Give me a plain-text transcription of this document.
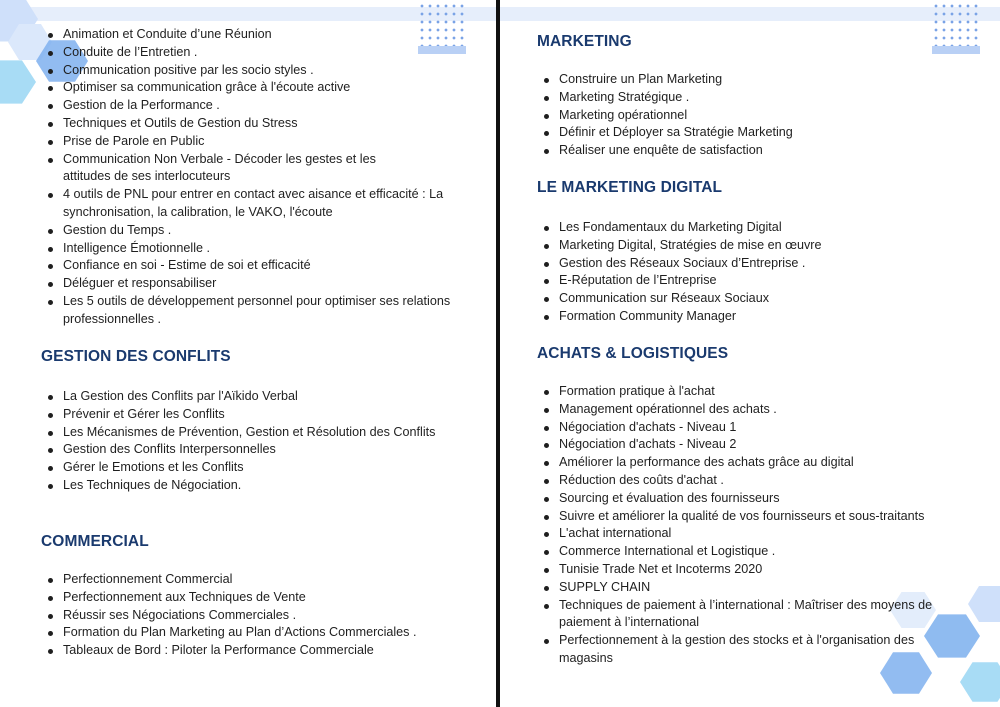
Animation et Conduite d’une Réunion
Conduite de l’Entretien .
Communication positive par les socio styles .
Optimiser sa communication grâce à l'écoute active
Gestion de la Performance .
Techniques et Outils de Gestion du Stress
Prise de Parole en Public
Communication Non Verbale - Décoder les gestes et les attitudes de ses interlocuteurs
4 outils de PNL pour entrer en contact avec aisance et efficacité : La synchronisation, la calibration, le VAKO, l'écoute
Gestion du Temps .
Intelligence Émotionnelle .
Confiance en soi - Estime de soi et efficacité
Déléguer et responsabiliser
Les 5 outils de développement personnel pour optimiser ses relations professionnelles .
GESTION DES CONFLITS
La Gestion des Conflits par l'Aïkido Verbal
Prévenir et Gérer les Conflits
Les Mécanismes de Prévention, Gestion et Résolution des Conflits
Gestion des Conflits Interpersonnelles
Gérer le Emotions et les Conflits
Les Techniques de Négociation.
COMMERCIAL
Perfectionnement Commercial
Perfectionnement aux Techniques de Vente
Réussir ses Négociations Commerciales .
Formation du Plan Marketing au Plan d’Actions Commerciales .
Tableaux de Bord : Piloter la Performance Commerciale
MARKETING
Construire un Plan Marketing
Marketing Stratégique .
Marketing opérationnel
Définir et Déployer sa Stratégie Marketing
Réaliser une enquête de satisfaction
LE MARKETING DIGITAL
Les Fondamentaux du Marketing Digital
Marketing Digital, Stratégies de mise en œuvre
Gestion des Réseaux Sociaux d’Entreprise .
E-Réputation de l’Entreprise
Communication sur Réseaux Sociaux
Formation Community Manager
ACHATS & LOGISTIQUES
Formation pratique à l'achat
Management opérationnel des achats .
Négociation d'achats - Niveau 1
Négociation d'achats - Niveau 2
Améliorer la performance des achats grâce au digital
Réduction des coûts d'achat .
Sourcing et évaluation des fournisseurs
Suivre et améliorer la qualité de vos fournisseurs et sous-traitants
L'achat international
Commerce International et Logistique .
Tunisie Trade Net et Incoterms 2020
SUPPLY CHAIN
Techniques de paiement à l’international : Maîtriser des moyens de paiement à l’international
Perfectionnement à la gestion des stocks et à l'organisation des magasins
